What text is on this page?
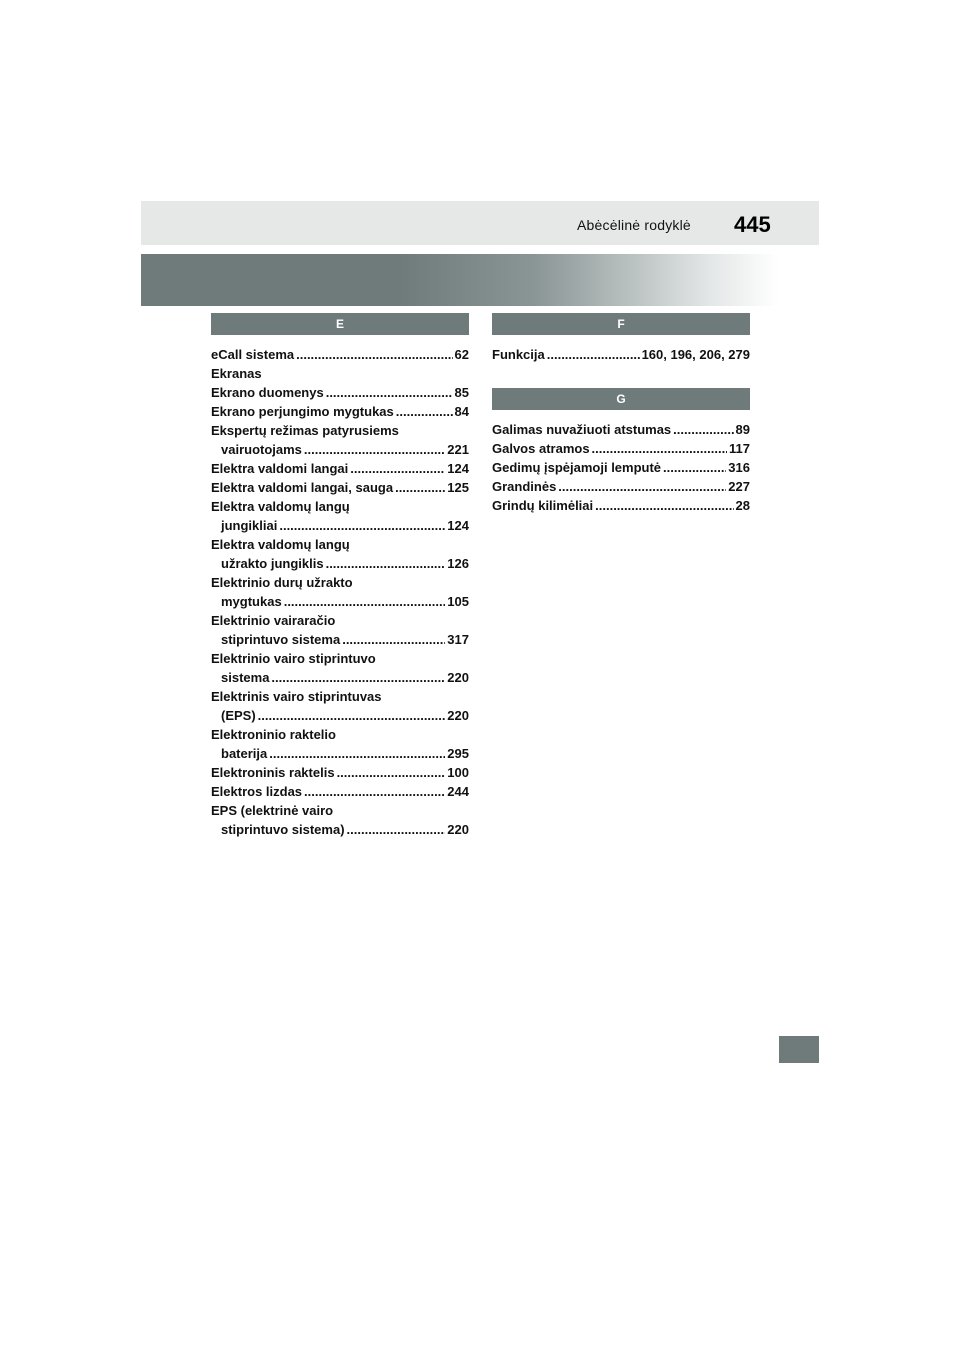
Abėcėlinė rodyklė 445
E
eCall sistema .....	62
Ekranas
Ekrano duomenys .....	85
Ekrano perjungimo mygtukas .....	84
Ekspertų režimas patyrusiems
vairuotojams .....	221
Elektra valdomi langai .....	124
Elektra valdomi langai, sauga .....	125
Elektra valdomų langų
jungikliai .....	124
Elektra valdomų langų
užrakto jungiklis .....	126
Elektrinio durų užrakto
mygtukas .....	105
Elektrinio vairaračio
stiprintuvo sistema .....	317
Elektrinio vairo stiprintuvo
sistema .....	220
Elektrinis vairo stiprintuvas
(EPS) .....	220
Elektroninio raktelio
baterija .....	295
Elektroninis raktelis .....	100
Elektros lizdas .....	244
EPS (elektrinė vairo
stiprintuvo sistema) .....	220
F
Funkcija .....	160, 196, 206, 279
G
Galimas nuvažiuoti atstumas .....	89
Galvos atramos .....	117
Gedimų įspėjamoji lemputė .....	316
Grandinės .....	227
Grindų kilimėliai .....	28
